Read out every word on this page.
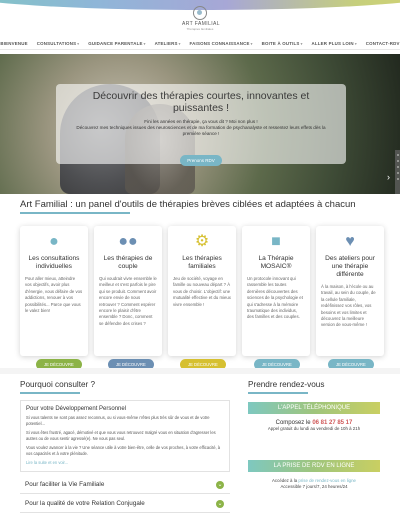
ART FAMILIAL
Thérapies familiales
BIENVENUE CONSULTATIONS▾ GUIDANCE PARENTALE▾ ATELIERS▾ FAISONS CONNAISSANCE▾ BOITE À OUTILS▾ ALLER PLUS LOIN▾ CONTACT-RDV
Découvrir des thérapies courtes, innovantes et puissantes !
Fini les années en thérapie, ça vous dit ? Moi non plus !
Découvrez mes techniques issues des neurosciences et de ma formation de psychanalyste et ressentez leurs effets dès la première séance !
›
Prenons RDV
Art Familial : un panel d'outils de thérapies brèves ciblées et adaptées à chacun
●
Les consultations individuelles
Pour aller mieux, atteindre vos objectifs, avoir plus d'énergie, vous défaire de vos addictions, renouer à vos possibilités... Parce que vous le valez bien!
JE DÉCOUVRE
●●
Les thérapies de couple
Qui voudrait vivre ensemble le meilleur et s'est parfois le pire qui se produit. Comment avoir encore envie de nous retrouver ? Comment espérer encore le plaisir d'être ensemble ? Donc, comment se défendre des crises ?
JE DÉCOUVRE
⚙
Les thérapies familiales
Jeu de société, voyage en famille ou nouveau départ ? À vous de choisir. L'objectif: une mutualité effective et du mieux vivre ensemble !
JE DÉCOUVRE
■
La Thérapie MOSAIC®
Un protocole innovant qui rassemble les toutes dernières découvertes des sciences de la psychologie et qui s'adresse à la mémoire traumatique des individus, des familles et des couples.
JE DÉCOUVRE
♥
Des ateliers pour une thérapie différente
À la maison, à l'école ou au travail, au sein du couple, de la cellule familiale, redéfinissez vos rôles, vos besoins et vos limites et découvrez la meilleure version de vous-même !
JE DÉCOUVRE
Pourquoi consulter ?
Pour votre Développement Personnel

Si vous talents ne sont pas assez reconnus, ou si vous-même n'êtes plus très sûr de vous et de votre potentiel...

Si vous êtes frustré, agacé, démotivé et que vous vous retrouvez malgré vous en situation d'agresser les autres ou de vous sentir agressé(e). Ne vous pas seul.

Vous voulez avancer à la vie ? Une séance utile à votre bien-être, celle de vos proches, à votre efficacité, à vos capacités et à votre plénitude.

Lire la suite et en voir...

Pour faciliter la Vie Familiale	⌄
Pour la qualité de votre Relation Conjugale	⌄
Prendre rendez-vous
L'APPEL TÉLÉPHONIQUE
Composez le 06 81 27 85 17
Appel gratuit du lundi au vendredi de 10h à 21h
LA PRISE DE RDV EN LIGNE
Accédez à la prise de rendez-vous en ligne
Accessible 7 jours/7, 24 heures/24
